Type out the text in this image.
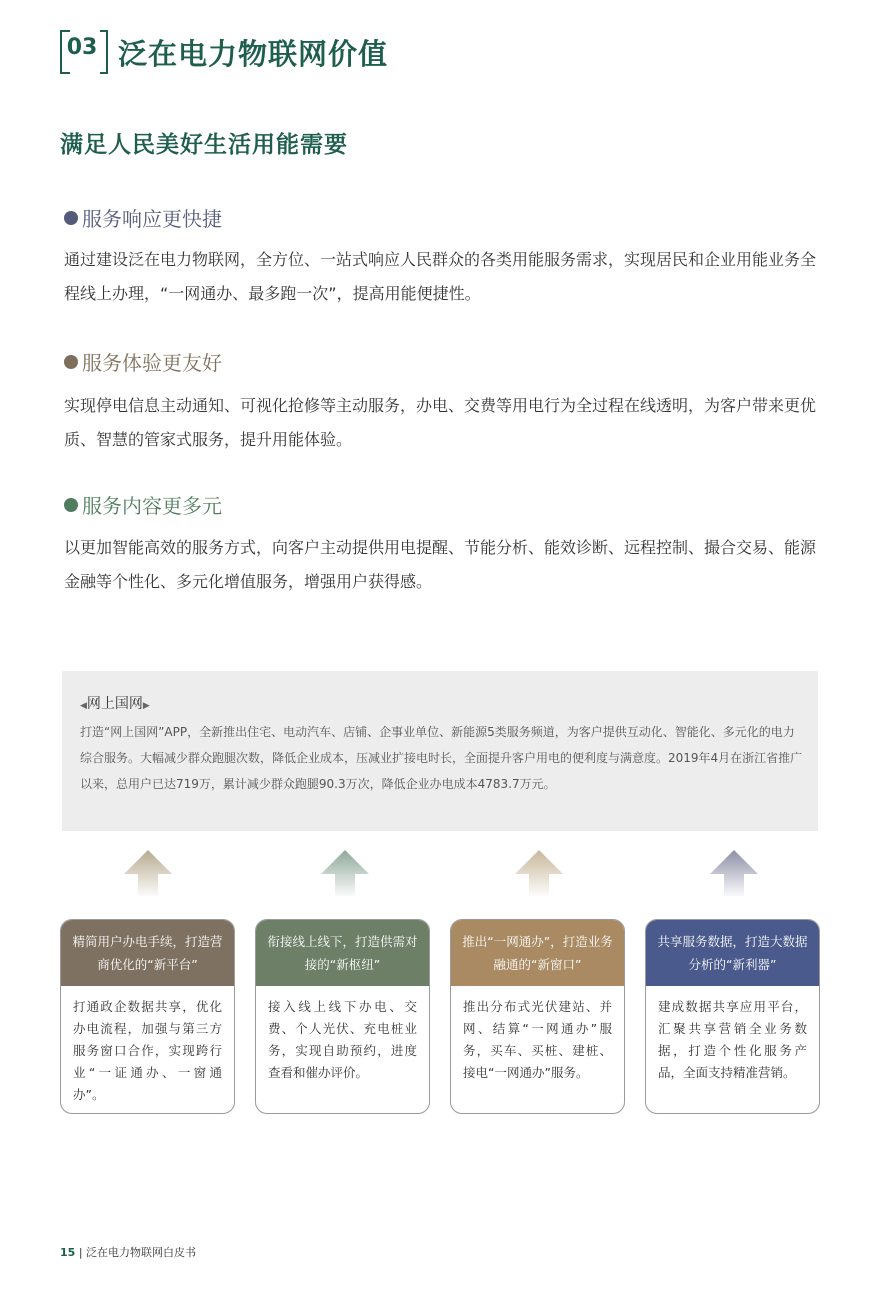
03 泛在电力物联网价值
满足人民美好生活用能需要
服务响应更快捷
通过建设泛在电力物联网，全方位、一站式响应人民群众的各类用能服务需求，实现居民和企业用能业务全程线上办理，“一网通办、最多跑一次”，提高用能便捷性。
服务体验更友好
实现停电信息主动通知、可视化抢修等主动服务，办电、交费等用电行为全过程在线透明，为客户带来更优质、智慧的管家式服务，提升用能体验。
服务内容更多元
以更加智能高效的服务方式，向客户主动提供用电提醒、节能分析、能效诊断、远程控制、撮合交易、能源金融等个性化、多元化增值服务，增强用户获得感。
◀网上国网▶
打造“网上国网”APP，全新推出住宅、电动汽车、店铺、企事业单位、新能源5类服务频道，为客户提供互动化、智能化、多元化的电力综合服务。大幅减少群众跑腿次数，降低企业成本，压减业扩接电时长，全面提升客户用电的便利度与满意度。2019年4月在浙江省推广以来，总用户已达719万，累计减少群众跑腿90.3万次，降低企业办电成本4783.7万元。
精简用户办电手续，打造营商优化的“新平台”
打通政企数据共享，优化办电流程，加强与第三方服务窗口合作，实现跨行业“一证通办、一窗通办”。
衔接线上线下，打造供需对接的“新枢纽”
接入线上线下办电、交费、个人光伏、充电桩业务，实现自助预约，进度查看和催办评价。
推出“一网通办”，打造业务融通的“新窗口”
推出分布式光伏建站、并网、结算“一网通办”服务，买车、买桩、建桩、接电“一网通办”服务。
共享服务数据，打造大数据分析的“新利器”
建成数据共享应用平台，汇聚共享营销全业务数据，打造个性化服务产品，全面支持精准营销。
15 | 泛在电力物联网白皮书
